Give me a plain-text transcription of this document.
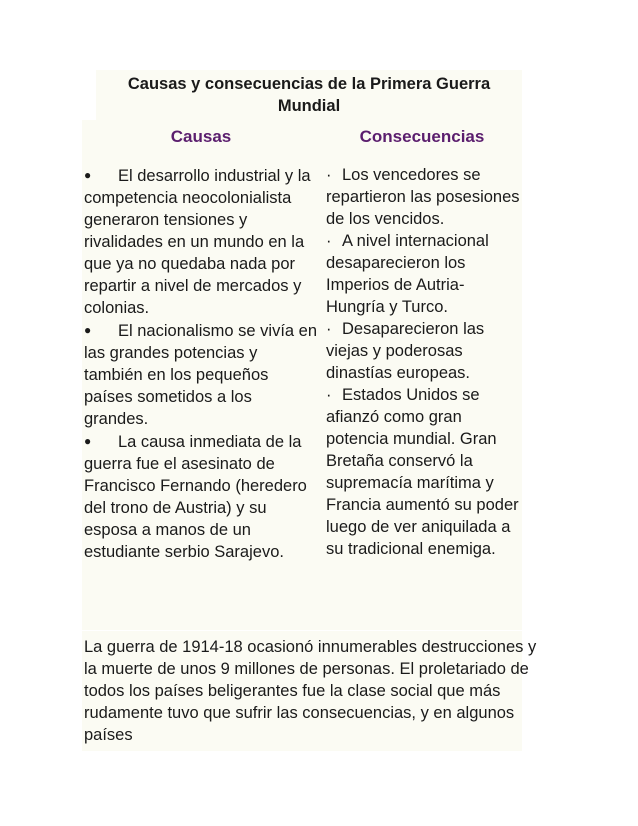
Causas y consecuencias de la Primera Guerra Mundial
Causas	Consecuencias

● El desarrollo industrial y la competencia neocolonialista generaron tensiones y rivalidades en un mundo en la que ya no quedaba nada por repartir a nivel de mercados y colonias.

● El nacionalismo se vivía en las grandes potencias y también en los pequeños países sometidos a los grandes.

● La causa inmediata de la guerra fue el asesinato de Francisco Fernando (heredero del trono de Austria) y su esposa a manos de un estudiante serbio Sarajevo.

· Los vencedores se repartieron las posesiones de los vencidos.

· A nivel internacional desaparecieron los Imperios de Autria-Hungría y Turco.

· Desaparecieron las viejas y poderosas dinastías europeas.

· Estados Unidos se afianzó como gran potencia mundial. Gran Bretaña conservó la supremacía marítima y Francia aumentó su poder luego de ver aniquilada a su tradicional enemiga.

La guerra de 1914-18 ocasionó innumerables destrucciones y la muerte de unos 9 millones de personas. El proletariado de todos los países beligerantes fue la clase social que más rudamente tuvo que sufrir las consecuencias, y en algunos países
